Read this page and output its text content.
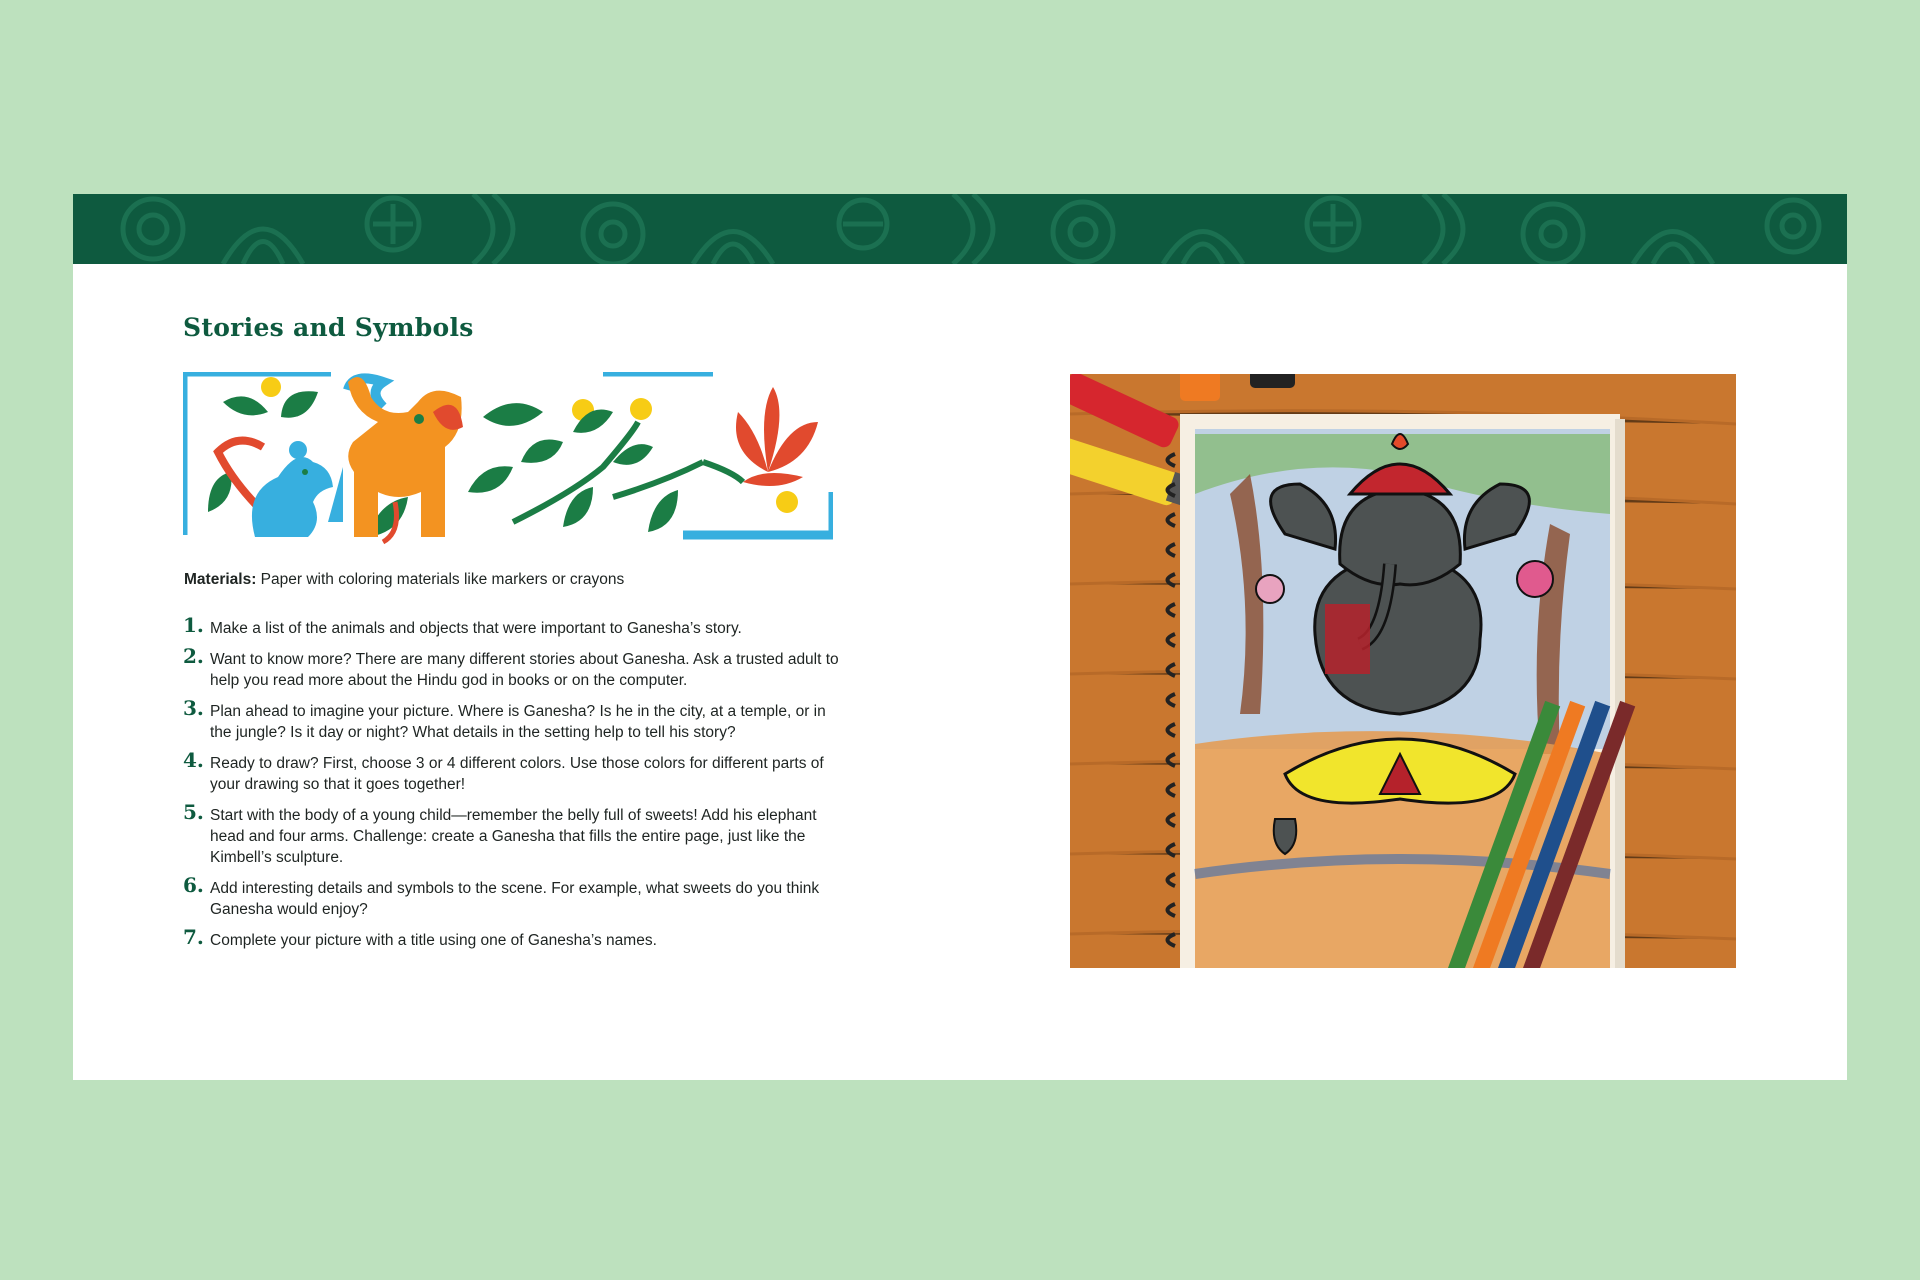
Stories and Symbols

Materials: Paper with coloring materials like markers or crayons

1. Make a list of the animals and objects that were important to Ganesha’s story.
2. Want to know more? There are many different stories about Ganesha. Ask a trusted adult to help you read more about the Hindu god in books or on the computer.
3. Plan ahead to imagine your picture. Where is Ganesha? Is he in the city, at a temple, or in the jungle? Is it day or night? What details in the setting help to tell his story?
4. Ready to draw? First, choose 3 or 4 different colors. Use those colors for different parts of your drawing so that it goes together!
5. Start with the body of a young child—remember the belly full of sweets! Add his elephant head and four arms. Challenge: create a Ganesha that fills the entire page, just like the Kimbell’s sculpture.
6. Add interesting details and symbols to the scene. For example, what sweets do you think Ganesha would enjoy?
7. Complete your picture with a title using one of Ganesha’s names.
